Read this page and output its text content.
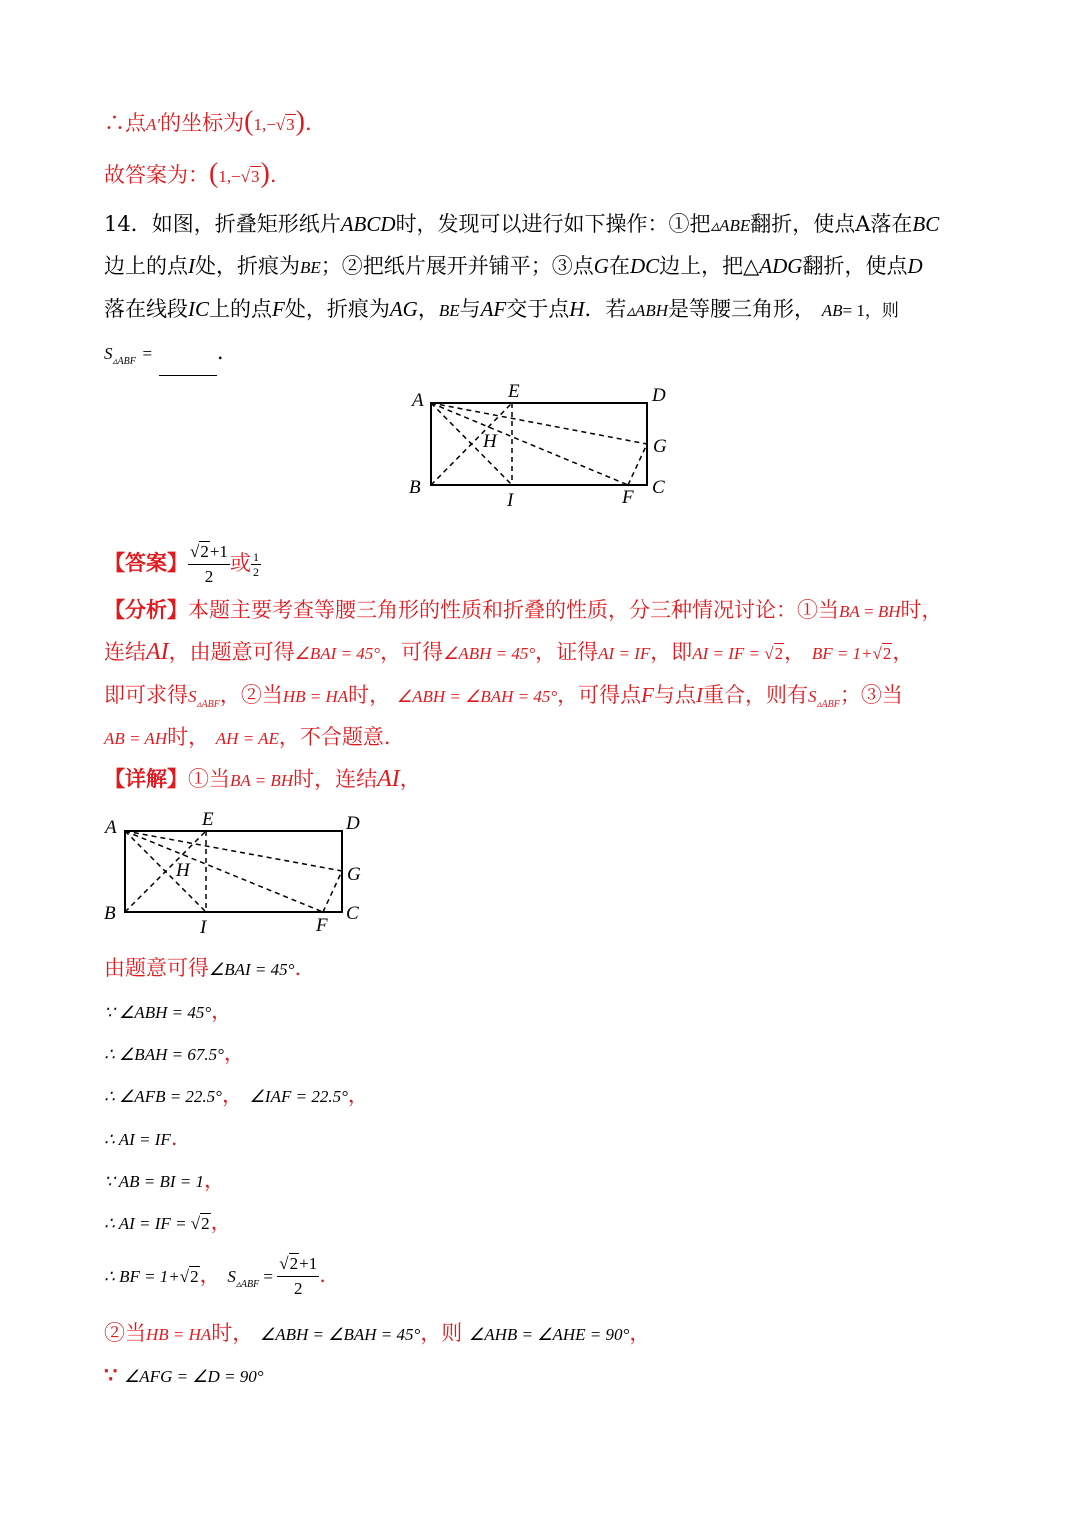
∴点A′的坐标为(1,−√3).
故答案为：(1,−√3).
14．如图，折叠矩形纸片ABCD时，发现可以进行如下操作：①把▵ABE翻折，使点A落在BC
边上的点I处，折痕为BE；②把纸片展开并铺平；③点G在DC边上，把△ADG翻折，使点D
落在线段IC上的点F处，折痕为AG，BE与AF交于点H．若▵ABH是等腰三角形， AB= 1，则
$S_{▵ABF}$ =	.
A
B	C
D
E
F
G
H
I
【答案】 $\frac{√2+1}{2}$ 或 $\frac{1}{2}$
【分析】本题主要考查等腰三角形的性质和折叠的性质，分三种情况讨论：①当BA = BH时，
连结AI，由题意可得∠BAI = 45°，可得∠ABH = 45°，证得AI = IF，即AI = IF = √2， BF = 1+√2，
即可求得$S_{▵ABF}$，②当HB = HA时， ∠ABH = ∠BAH = 45°，可得点F与点I重合，则有$S_{▵ABF}$；③当
AB = AH时， AH = AE，不合题意.
【详解】①当BA = BH时，连结AI，
A
B	C
D
E
F
G
H
I
由题意可得∠BAI = 45°.
∵ ∠ABH = 45°，
∴ ∠BAH = 67.5°，
∴ ∠AFB = 22.5°， ∠IAF = 22.5°，
∴ AI = IF.
∵ AB = BI = 1，
∴ AI = IF = √2，
∴ BF = 1+√2， $S_{▵ABF} = \frac{√2+1}{2}$ .
②当HB = HA时， ∠ABH = ∠BAH = 45°，则 ∠AHB = ∠AHE = 90°，
∵ ∠AFG = ∠D = 90°
